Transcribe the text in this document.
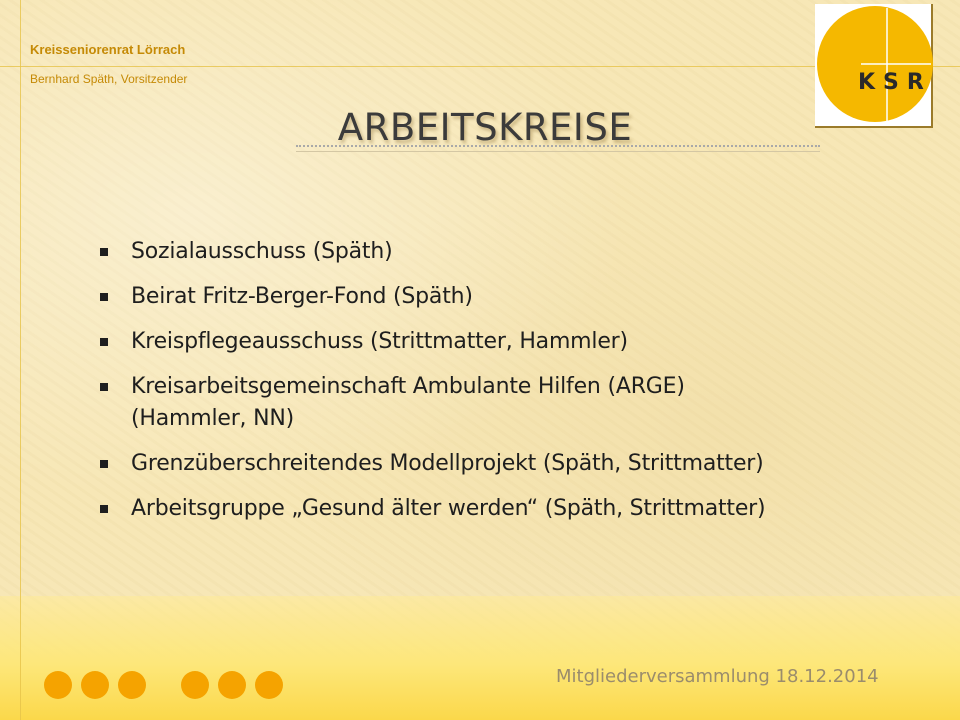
Kreisseniorenrat Lörrach
Bernhard Späth, Vorsitzender	KSR
ARBEITSKREISE
Sozialausschuss (Späth)
Beirat Fritz-Berger-Fond (Späth)
Kreispflegeausschuss (Strittmatter, Hammler)
Kreisarbeitsgemeinschaft Ambulante Hilfen (ARGE)
(Hammler, NN)
Grenzüberschreitendes Modellprojekt (Späth, Strittmatter)
Arbeitsgruppe „Gesund älter werden“ (Späth, Strittmatter)
Mitgliederversammlung 18.12.2014
